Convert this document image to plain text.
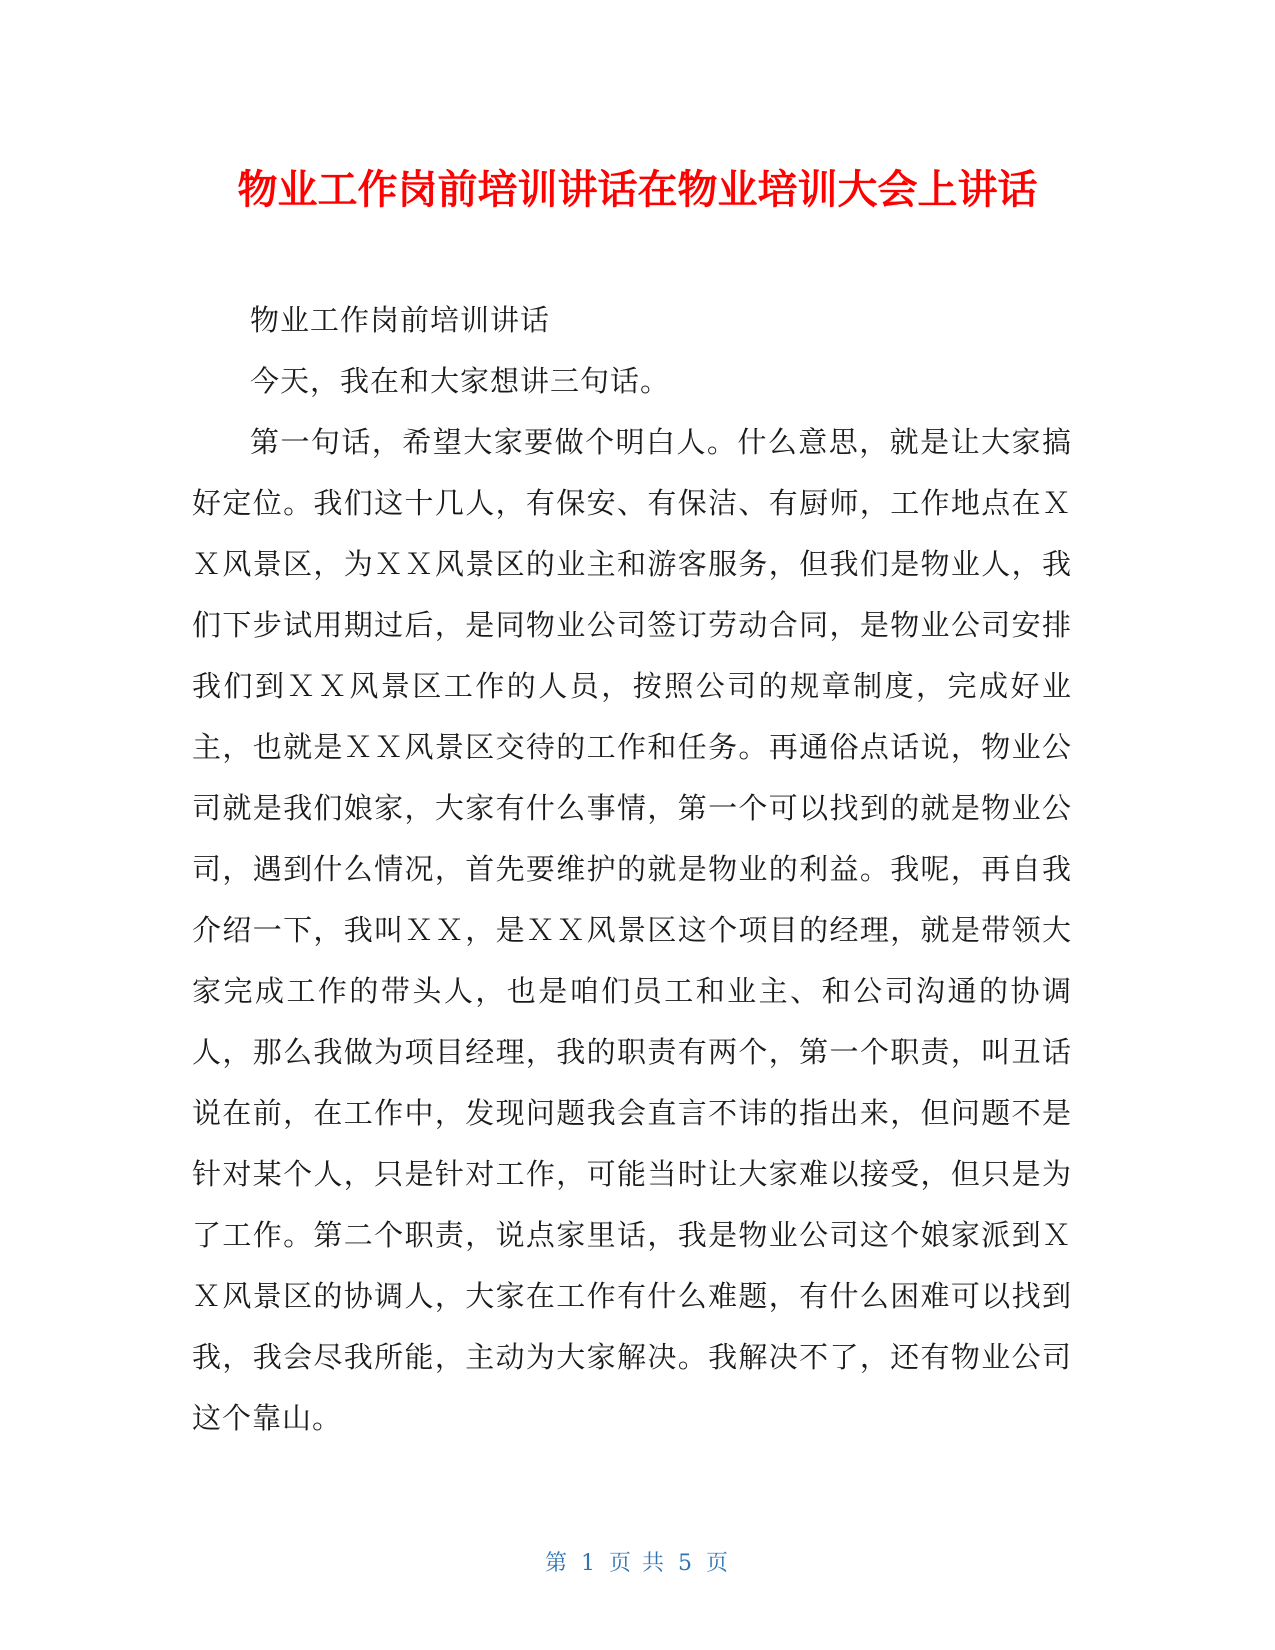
物业工作岗前培训讲话在物业培训大会上讲话

物业工作岗前培训讲话

今天，我在和大家想讲三句话。

第一句话，希望大家要做个明白人。什么意思，就是让大家搞好定位。我们这十几人，有保安、有保洁、有厨师，工作地点在ＸＸ风景区，为ＸＸ风景区的业主和游客服务，但我们是物业人，我们下步试用期过后，是同物业公司签订劳动合同，是物业公司安排我们到ＸＸ风景区工作的人员，按照公司的规章制度，完成好业主，也就是ＸＸ风景区交待的工作和任务。再通俗点话说，物业公司就是我们娘家，大家有什么事情，第一个可以找到的就是物业公司，遇到什么情况，首先要维护的就是物业的利益。我呢，再自我介绍一下，我叫ＸＸ，是ＸＸ风景区这个项目的经理，就是带领大家完成工作的带头人，也是咱们员工和业主、和公司沟通的协调人，那么我做为项目经理，我的职责有两个，第一个职责，叫丑话说在前，在工作中，发现问题我会直言不讳的指出来，但问题不是针对某个人，只是针对工作，可能当时让大家难以接受，但只是为了工作。第二个职责，说点家里话，我是物业公司这个娘家派到ＸＸ风景区的协调人，大家在工作有什么难题，有什么困难可以找到我，我会尽我所能，主动为大家解决。我解决不了，还有物业公司这个靠山。

第 1 页 共 5 页
